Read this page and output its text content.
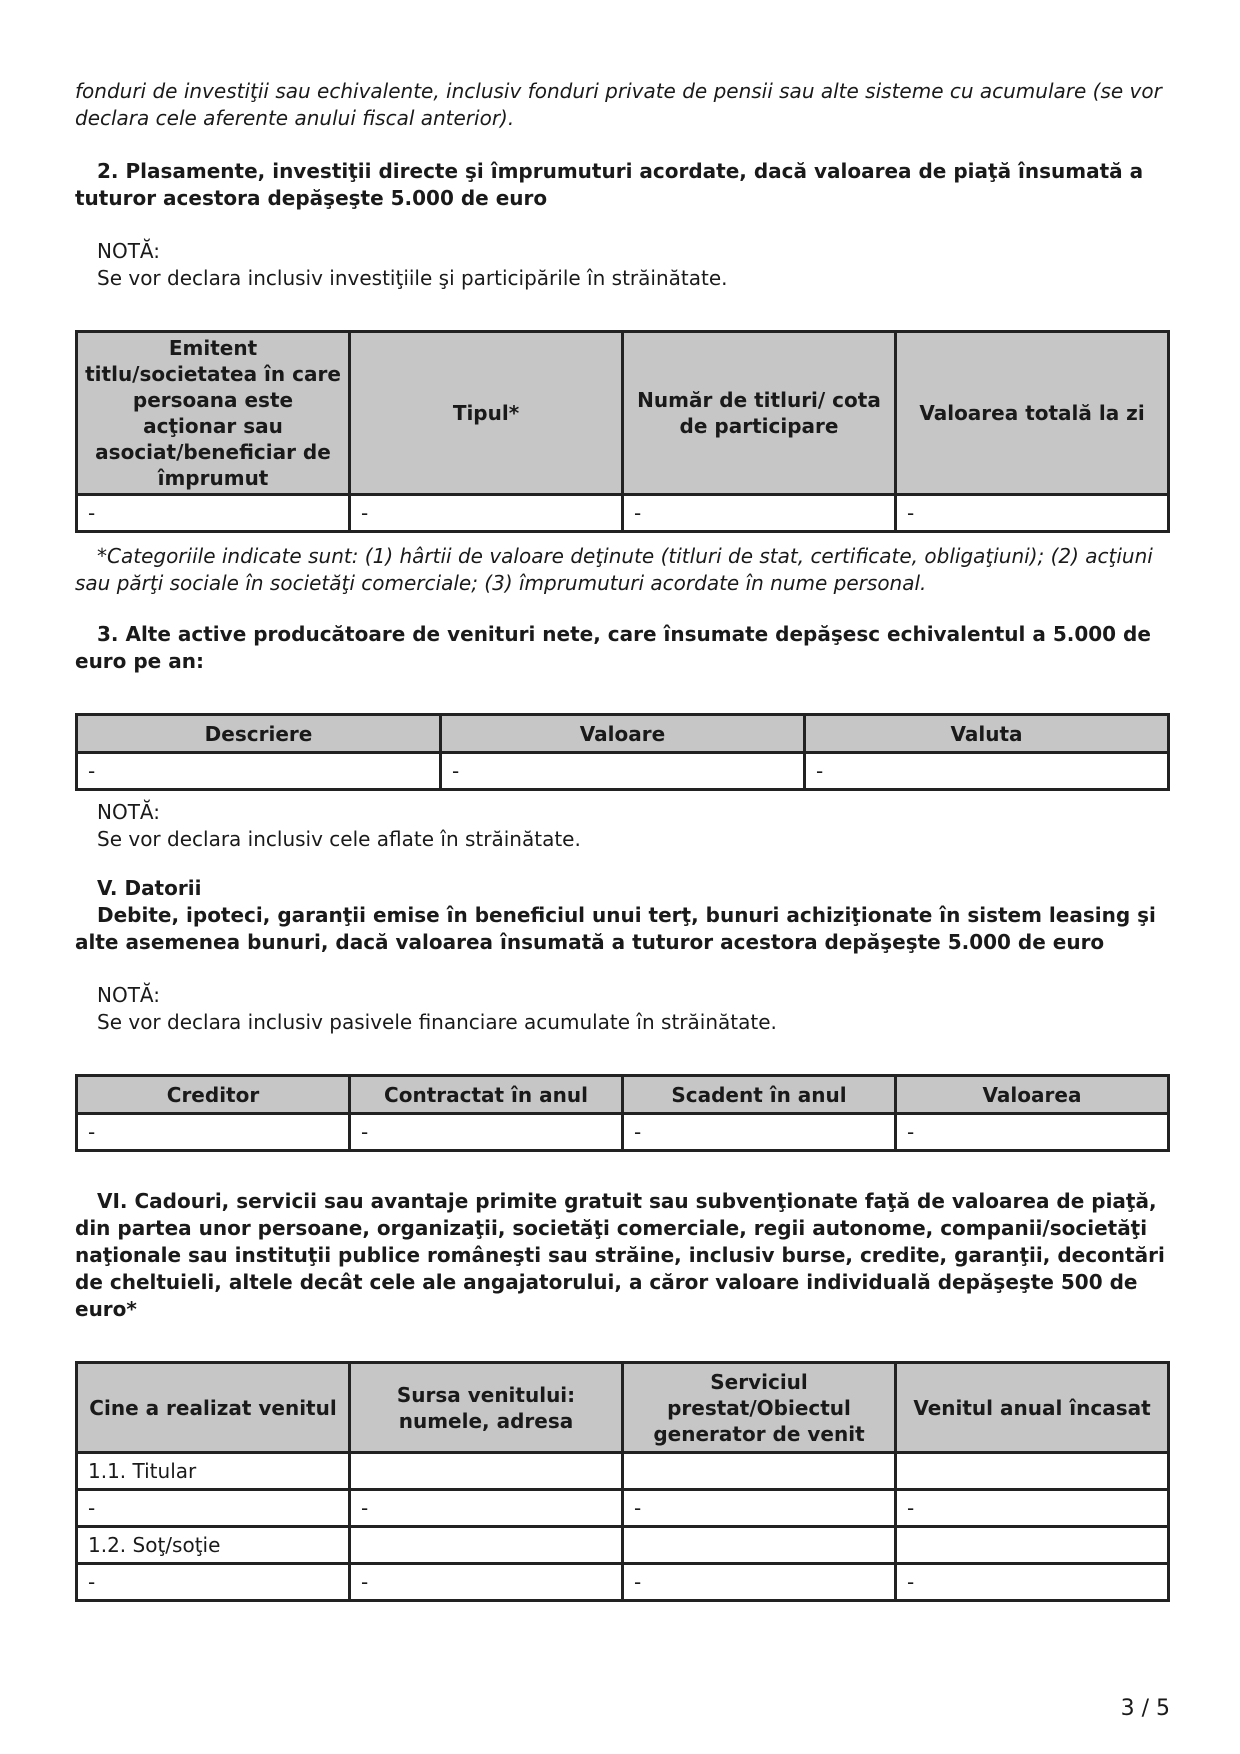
fonduri de investiţii sau echivalente, inclusiv fonduri private de pensii sau alte sisteme cu acumulare (se vor declara cele aferente anului fiscal anterior).

2. Plasamente, investiţii directe şi împrumuturi acordate, dacă valoarea de piaţă însumată a tuturor acestora depăşeşte 5.000 de euro

NOTĂ:

Se vor declara inclusiv investiţiile şi participările în străinătate.

Emitent titlu/societatea în care persoana este acţionar sau asociat/beneficiar de împrumut	Tipul*	Număr de titluri/ cota de participare	Valoarea totală la zi
-	-	-	-

*Categoriile indicate sunt: (1) hârtii de valoare deţinute (titluri de stat, certificate, obligaţiuni); (2) acţiuni sau părţi sociale în societăţi comerciale; (3) împrumuturi acordate în nume personal.

3. Alte active producătoare de venituri nete, care însumate depăşesc echivalentul a 5.000 de euro pe an:

Descriere	Valoare	Valuta
-	-	-

NOTĂ:

Se vor declara inclusiv cele aflate în străinătate.

V. Datorii

Debite, ipoteci, garanţii emise în beneficiul unui terţ, bunuri achiziţionate în sistem leasing şi alte asemenea bunuri, dacă valoarea însumată a tuturor acestora depăşeşte 5.000 de euro

NOTĂ:

Se vor declara inclusiv pasivele financiare acumulate în străinătate.

Creditor	Contractat în anul	Scadent în anul	Valoarea
-	-	-	-

VI. Cadouri, servicii sau avantaje primite gratuit sau subvenţionate faţă de valoarea de piaţă, din partea unor persoane, organizaţii, societăţi comerciale, regii autonome, companii/societăţi naţionale sau instituţii publice româneşti sau străine, inclusiv burse, credite, garanţii, decontări de cheltuieli, altele decât cele ale angajatorului, a căror valoare individuală depăşeşte 500 de euro*

Cine a realizat venitul	Sursa venitului: numele, adresa	Serviciul prestat/Obiectul generator de venit	Venitul anual încasat
1.1. Titular			
-	-	-	-
1.2. Soţ/soţie			
-	-	-	-
3 / 5
